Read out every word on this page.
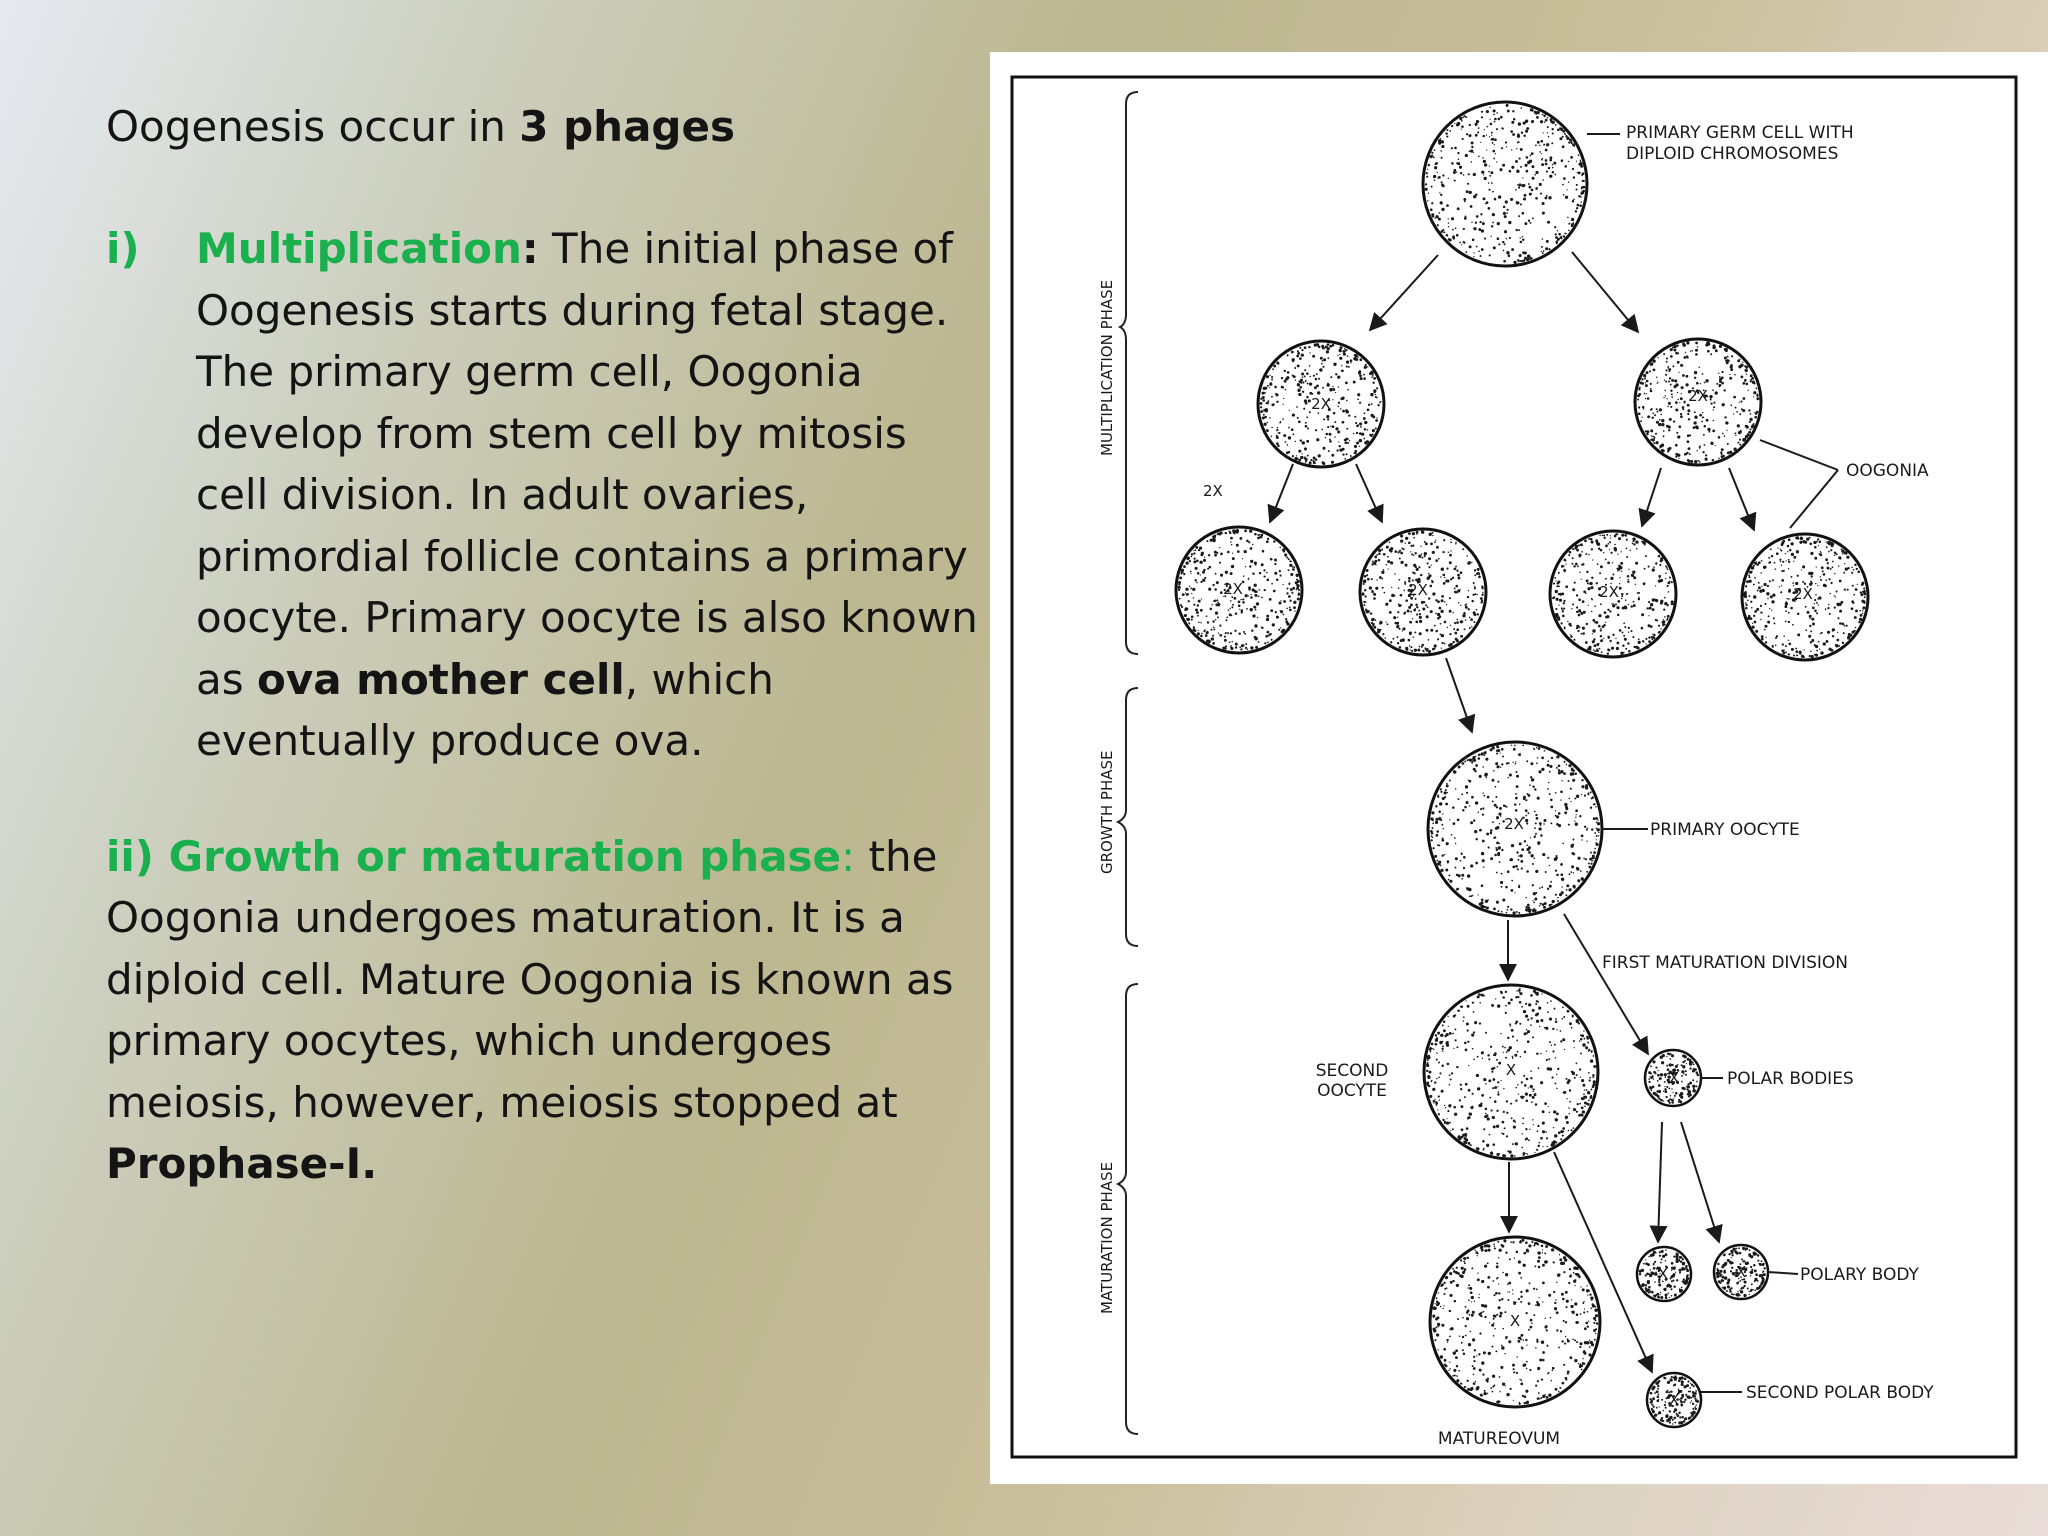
Oogenesis occur in 3 phages

i) Multiplication: The initial phase of Oogenesis starts during fetal stage. The primary germ cell, Oogonia develop from stem cell by mitosis cell division. In adult ovaries, primordial follicle contains a primary oocyte. Primary oocyte is also known as ova mother cell, which eventually produce ova.
ii) Growth or maturation phase: the Oogonia undergoes maturation. It is a diploid cell. Mature Oogonia is known as primary oocytes, which undergoes meiosis, however, meiosis stopped at Prophase-I.
MULTIPLICATION PHASE
GROWTH PHASE
MATURATION PHASE
2X	2X
2X	2X	2X	2X
2X
X
X
X
X	X
X
PRIMARY GERM CELL WITH
DIPLOID CHROMOSOMES
OOGONIA
2X
PRIMARY OOCYTE
FIRST MATURATION DIVISION
SECOND
OOCYTE
POLAR BODIES
POLARY BODY
SECOND POLAR BODY
MATUREOVUM
